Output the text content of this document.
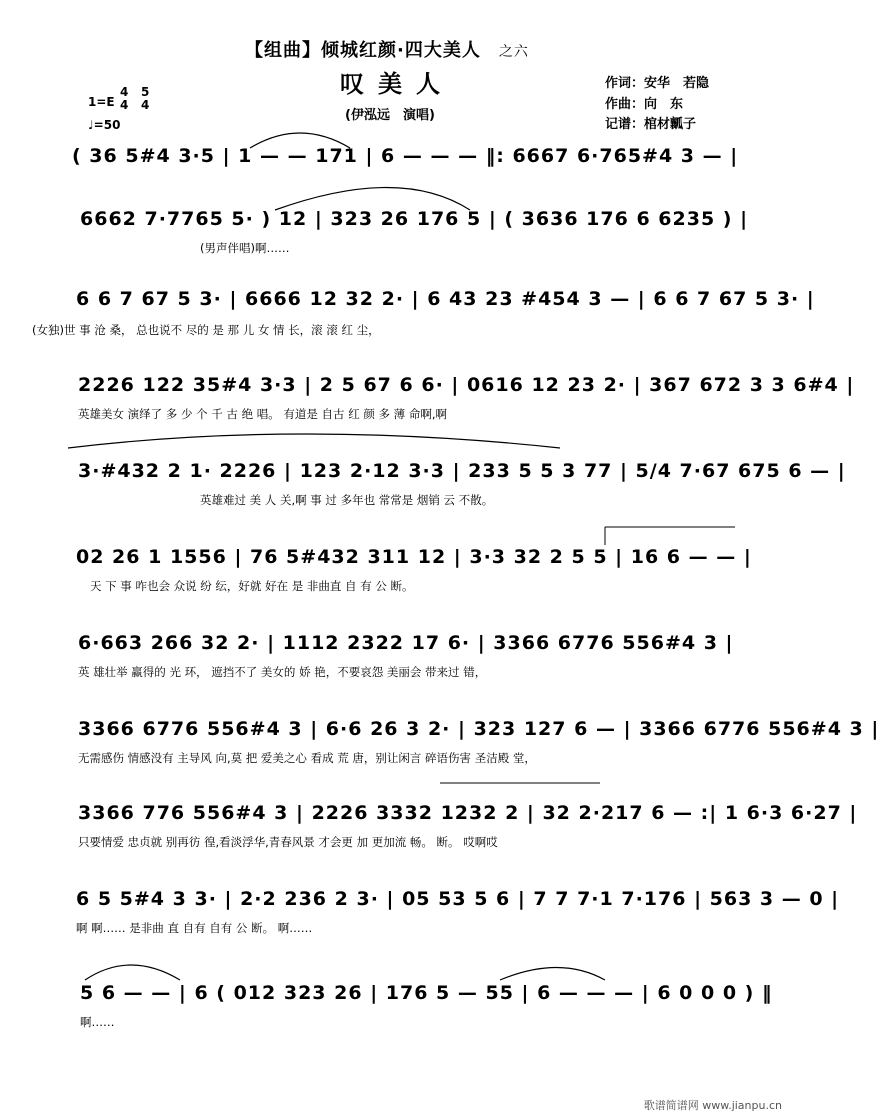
【组曲】倾城红颜·四大美人 之六
叹美人
(伊泓远　演唱)
作词：安华　若隐
作曲：向　东
记谱：棺材瓤子
1=E
4
4
5
4
♩=50
( 36 5#4 3·5 | 1 — — 171 | 6 — — — ‖: 6667 6·765#4 3 — |
6662 7·7765 5· ) 12 | 323 26 176 5 | ( 3636 176 6 6235 ) |
(男声伴唱)啊……
6 6 7 67 5 3· | 6666 12 32 2· | 6 43 23 #454 3 — | 6 6 7 67 5 3· |
(女独)世 事 沧 桑， 总也说不 尽的 是 那 儿 女 情 长，滚 滚 红 尘，
2226 122 35#4 3·3 | 2 5 67 6 6· | 0616 12 23 2· | 367 672 3 3 6#4 |
英雄美女 演绎了 多 少 个 千 古 绝 唱。 有道是 自古 红 颜 多 薄 命啊,啊
3·#432 2 1· 2226 | 123 2·12 3·3 | 233 5 5 3 77 | 5/4 7·67 675 6 — |
英雄难过 美 人 关,啊 事 过 多年也 常常是 烟销 云 不散。
02 26 1 1556 | 76 5#432 311 12 | 3·3 32 2 5 5 | 16 6 — — |
天 下 事 咋也会 众说 纷 纭，好就 好在 是 非曲直 自 有 公 断。
6·663 266 32 2· | 1112 2322 17 6· | 3366 6776 556#4 3 |
英 雄壮举 赢得的 光 环， 遮挡不了 美女的 娇 艳，不要哀怨 美丽会 带来过 错，
3366 6776 556#4 3 | 6·6 26 3 2· | 323 127 6 — | 3366 6776 556#4 3 |
无需感伤 情感没有 主导风 向,莫 把 爱美之心 看成 荒 唐，别让闲言 碎语伤害 圣洁殿 堂，
3366 776 556#4 3 | 2226 3332 1232 2 | 32 2·217 6 — :| 1 6·3 6·27 |
只要情爱 忠贞就 别再彷 徨,看淡浮华,青春风景 才会更 加 更加流 畅。 断。 哎啊哎
6 5 5#4 3 3· | 2·2 236 2 3· | 05 53 5 6 | 7 7 7·1 7·176 | 563 3 — 0 |
啊 啊…… 是非曲 直 自有 自有 公 断。 啊……
5 6 — — | 6 ( 012 323 26 | 176 5 — 55 | 6 — — — | 6 0 0 0 ) ‖
啊……
歌谱简谱网 www.jianpu.cn
